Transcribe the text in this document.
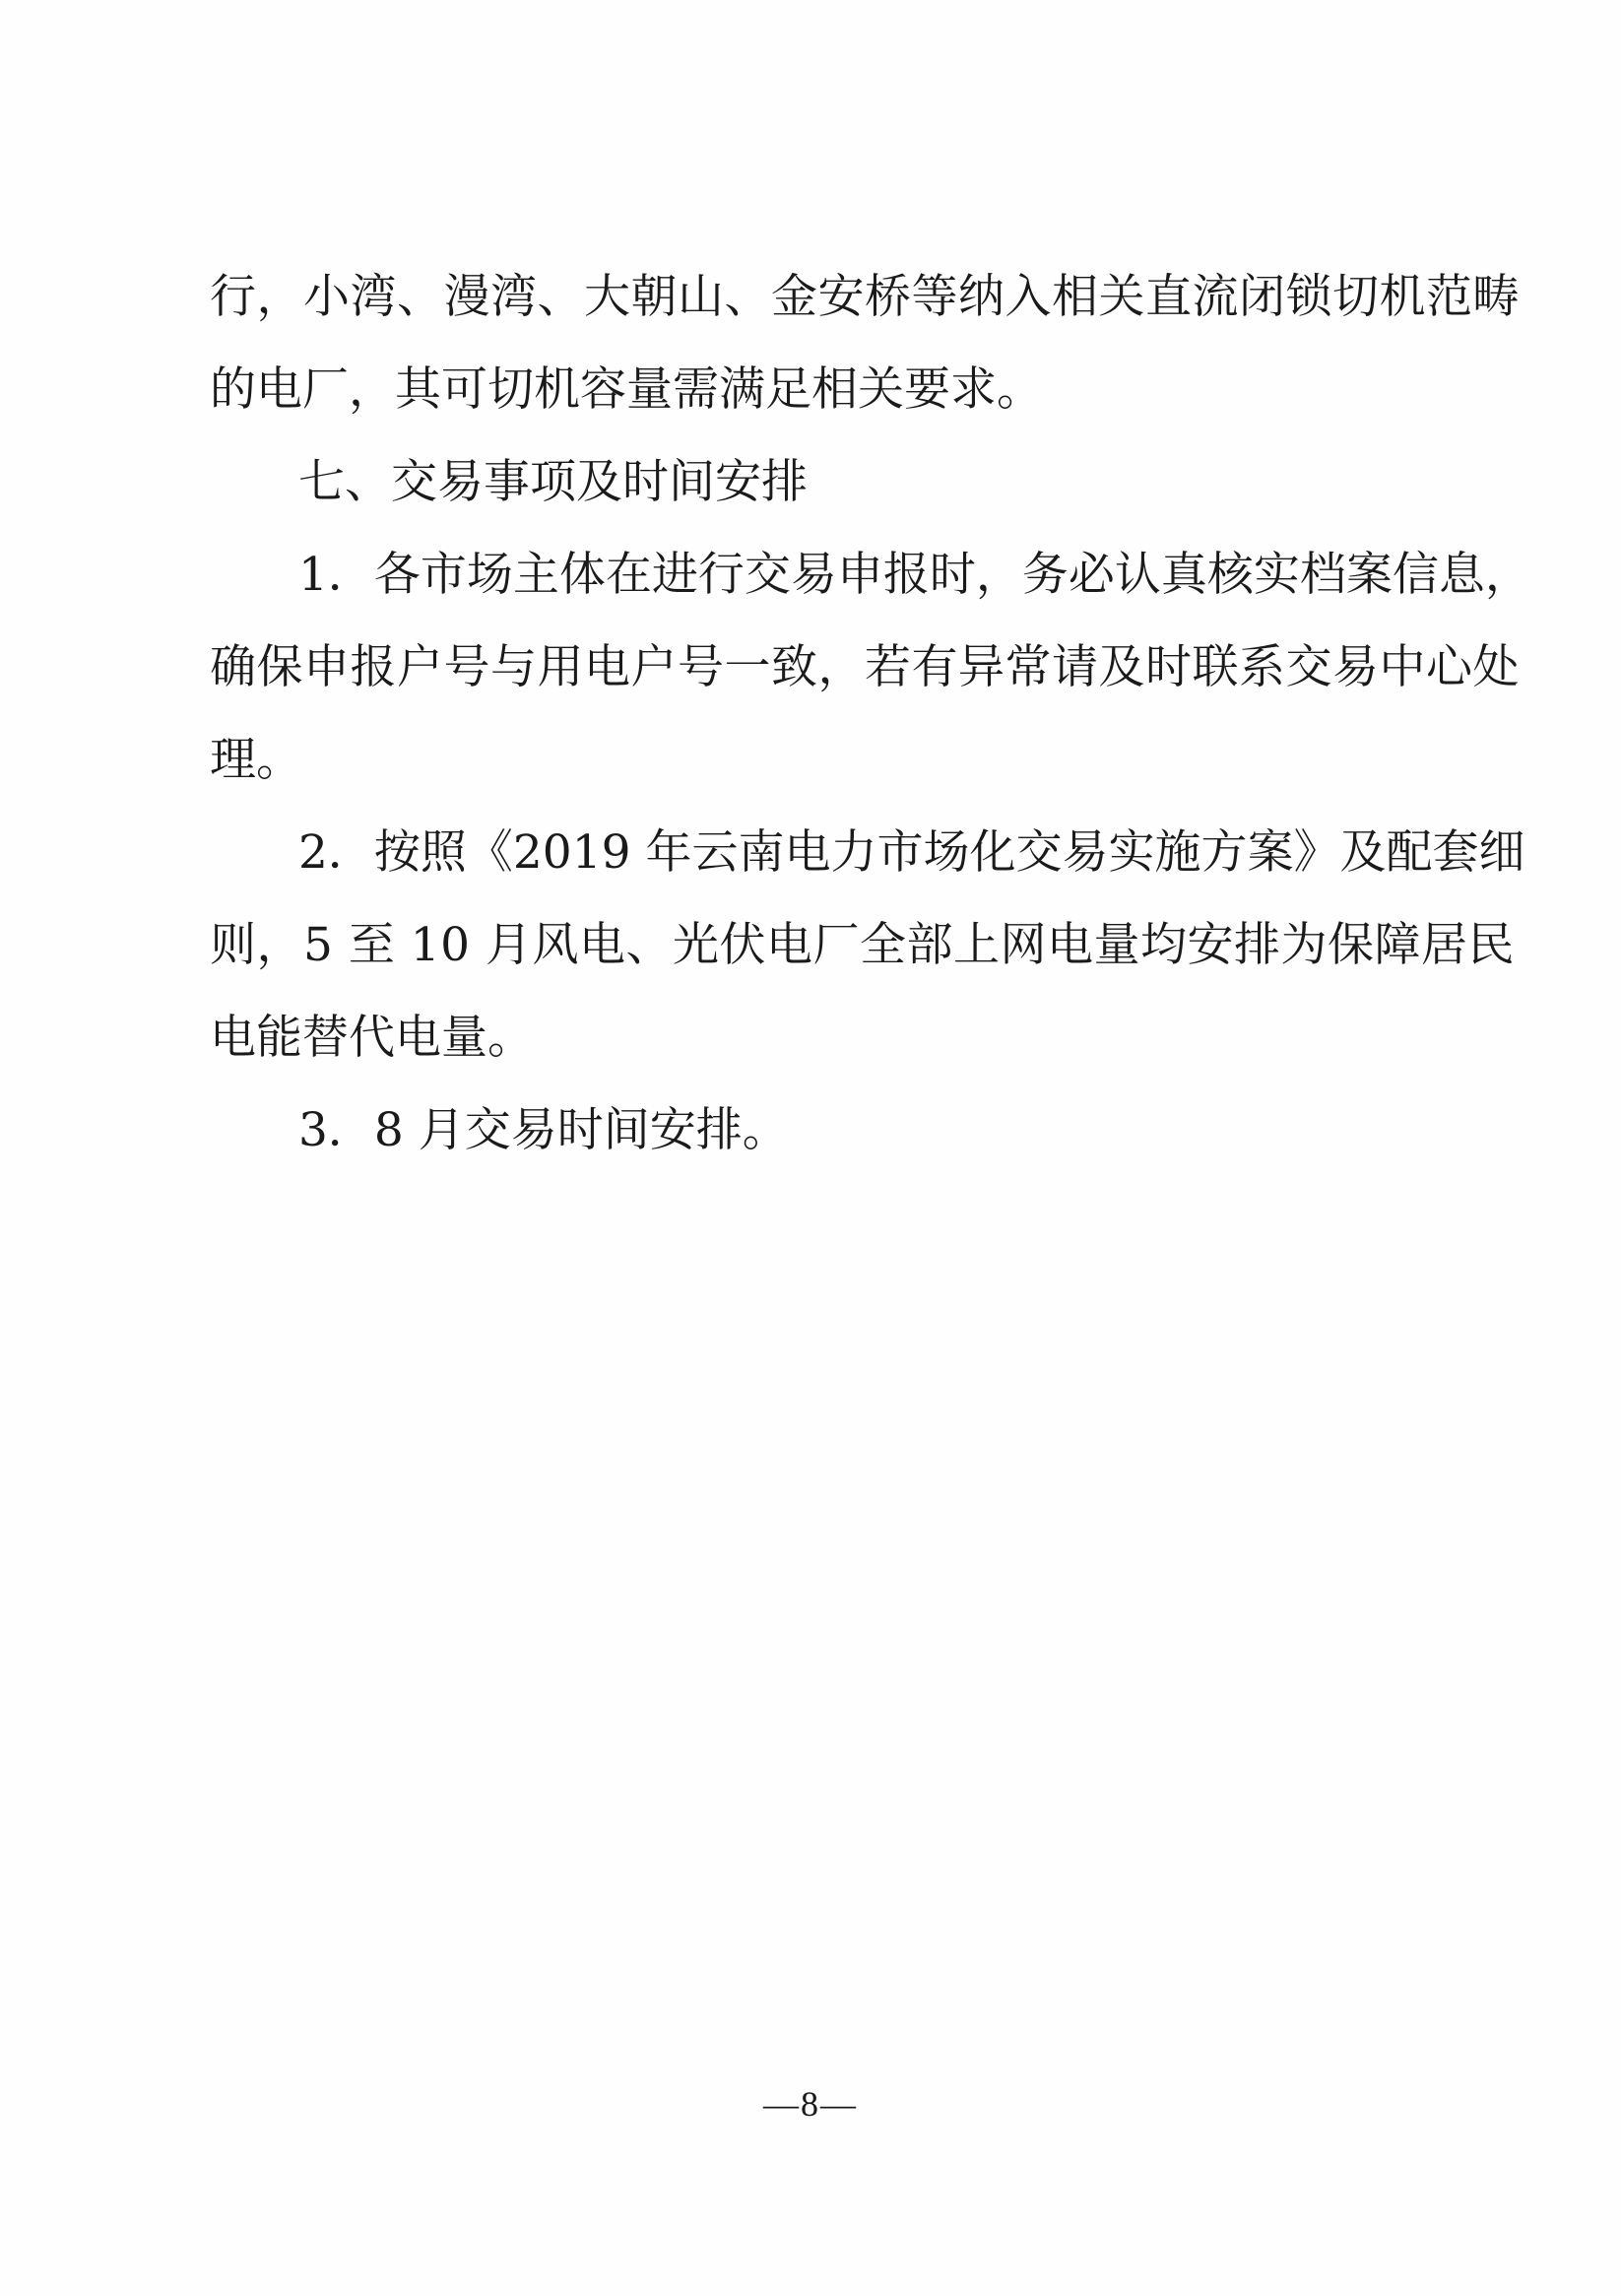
行，小湾、漫湾、大朝山、金安桥等纳入相关直流闭锁切机范畴
的电厂，其可切机容量需满足相关要求。
七、交易事项及时间安排
1．各市场主体在进行交易申报时，务必认真核实档案信息，
确保申报户号与用电户号一致，若有异常请及时联系交易中心处
理。
2．按照《2019 年云南电力市场化交易实施方案》及配套细
则，5 至 10 月风电、光伏电厂全部上网电量均安排为保障居民
电能替代电量。
3．8 月交易时间安排。
—8—
